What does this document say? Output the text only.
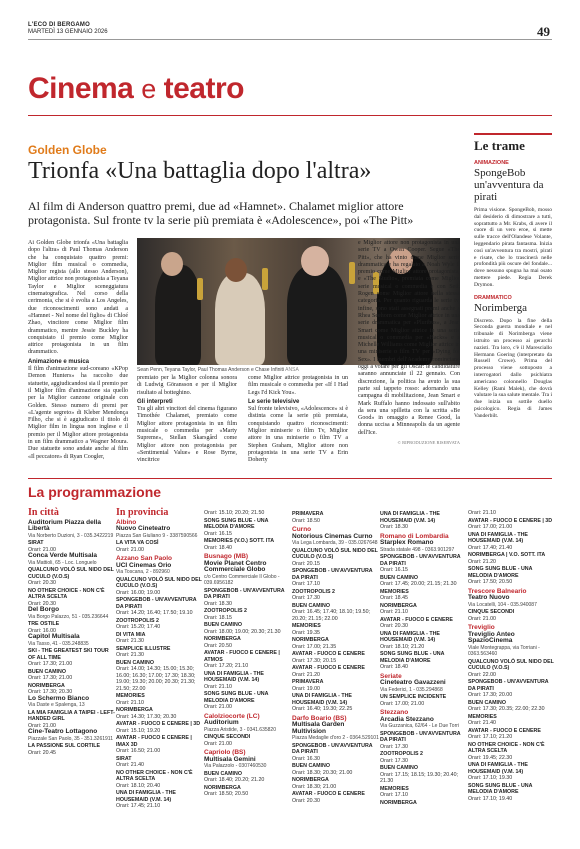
L'ECO DI BERGAMO
MARTEDÌ 13 GENNAIO 2026	49
Cinema e teatro
Golden Globe
Trionfa «Una battaglia dopo l'altra»
Al film di Anderson quattro premi, due ad «Hamnet». Chalamet miglior attore protagonista. Sul fronte tv la serie più premiata è «Adolescence», poi «The Pitt»
Sean Penn, Teyana Taylor, Paul Thomas Anderson e Chase Infiniti ANSA
Ai Golden Globe trionfa «Una battaglia dopo l'altra» di Paul Thomas Anderson che ha conquistato quattro premi: Miglior film musical o commedia, Miglior regista (allo stesso Anderson), Miglior attrice non protagonista a Teyana Taylor e Miglior sceneggiatura cinematografica. Nel corso della cerimonia, che si è svolta a Los Angeles, due riconoscimenti sono andati a «Hamnet - Nel nome del figlio» di Chloé Zhao, vincitore come Miglior film drammatico, mentre Jessie Buckley ha conquistato il premio come Miglior attrice protagonista in un film drammatico.
Animazione e musica
Il film d'animazione sud-coreano «KPop Demon Hunters» ha raccolto due statuette, aggiudicandosi sia il premio per il Miglior film d'animazione sia quello per la Miglior canzone originale con Golden. Stesso numero di premi per «L'agente segreto» di Kleber Mendonça Filho, che si è aggiudicato il titolo di Miglior film in lingua non inglese e il premio per il Miglior attore protagonista in un film drammatico a Wagner Moura. Due statuette sono andate anche al film «Il peccatore» di Ryan Coogler,
premiato per la Miglior colonna sonora di Ludwig Göransson e per il Miglior risultato al botteghino.
Gli interpreti
Tra gli altri vincitori del cinema figurano Timothée Chalamet, premiato come Miglior attore protagonista in un film musicale o commedia per «Marty Supreme», Stellan Skarsgård come Miglior attore non protagonista per «Sentimental Value» e Rose Byrne, vincitrice
come Miglior attrice protagonista in un film musicale o commedia per «If I Had Legs I'd Kick You».
Le serie televisive
Sul fronte televisivo, «Adolescence» si è distinta come la serie più premiata, conquistando quattro riconoscimenti: Miglior miniserie o film Tv, Miglior attore in una miniserie o film TV a Stephen Graham, Miglior attore non protagonista in una serie TV a Erin Doherty
e Miglior attore non protagonista in una serie TV a Owen Cooper. Segue «The Pitt», che ha vinto come Miglior serie drammatica e ha regalato a Noah Wyle il premio come Miglior attore protagonista, e «The Studio», premiata come Miglior serie musical o commedia e con Seth Rogen come Miglior attore nella stessa categoria. Per quanto riguarda le serie tv, infine, sono stati assegnati premi anche a Rhea Seehorn come Miglior attrice in una serie drammatica per «Pluribus», a Jean Smart come Miglior attrice in una serie musical o commedia per «Hacks» e a Michelle Williams come Miglior attrice in una miniserie o film TV per «Dying for Sex». I membri dell'Academy cominciano oggi a votare per gli Oscar: le candidature saranno annunciate il 22 gennaio. Con discrezione, la politica ha avuto la sua parte sul tappeto rosso: adornando una campagna di mobilitazione, Jean Smart e Mark Ruffalo hanno indossato sull'abito da sera una spilletta con la scritta «Be Good» in omaggio a Renee Good, la donna uccisa a Minneapolis da un agente dell'Ice.
© RIPRODUZIONE RISERVATA
Le trame
ANIMAZIONE
SpongeBob un'avventura da pirati
Prima visione. SpongeBob, mosso dal desiderio di dimostrare a tutti, soprattutto a Mr. Krabs, di avere il cuore di un vero eroe, si mette sulle tracce dell'Olandese Volante, leggendario pirata fantasma. Inizia così un'avventura tra mostri, pirati e risate, che lo trascinerà nelle profondità più oscure del fondale... dove nessuno spugna ha mai osato mettere piede. Regia Derek Drymon.
DRAMMATICO
Norimberga
Discreto. Dopo la fine della Seconda guerra mondiale e nel tribunale di Norimberga viene istruito un processo ai gerarchi nazisti. Tra loro, c'è il Maresciallo Hermann Goering (interpretato da Russell Crowe). Prima del processo viene sottoposto a interrogatori dallo psichiatra americano colonnello Douglas Kelley (Rami Malek), che dovrà valutare la sua salute mentale. Tra i due inizia un sottile duello psicologico. Regia di James Vanderbilt.
La programmazione
In città
Auditorium Piazza della Libertà
Via Norberto Duzioni, 3 - 035.3422219
SIRAT
Orari: 21.00
Conca Verde Multisala
Via Mattioli, 65 - Loc. Longuelo
QUALCUNO VOLÒ SUL NIDO DEL CUCULO (V.O.S)
Orari: 20.30
NO OTHER CHOICE - NON C'È ALTRA SCELTA
Orari: 20.30
Del Borgo
Via Borgo Palazzo, 51 - 035.236644
TRE OSTILE
Orari: 16.00
Capitol Multisala
Via Tasso, 41 - 035.248835
SKI - THE GREATEST SKI TOUR OF ALL TIME
Orari: 17.30; 21.00
BUEN CAMINO
Orari: 17.30; 21.00
NORIMBERGA
Orari: 17.30; 20.30
Lo Schermo Bianco
Via Daste e Spalenga, 13
LA MIA FAMIGLIA A TAIPEI - LEFT-HANDED GIRL
Orari: 21.00
Cine-Teatro Lottagono
Piazzale San Paolo, 35 - 351.3261911
LA PASSIONE SUL CORTILE
Orari: 20.45
In provincia
Albino
Nuovo Cineteatro
Piazza San Giuliano 9 - 3387590566
LA VITA VA COSÌ
Orari: 21.00
Azzano San Paolo
UCI Cinemas Orio
Via Toscana, 2 - 892960
QUALCUNO VOLÒ SUL NIDO DEL CUCULO (V.O.S)
Orari: 16.00; 19.00
SPONGEBOB - UN'AVVENTURA DA PIRATI
Orari: 14.20; 16.40; 17.50; 19.10
ZOOTROPOLIS 2
Orari: 15.20; 17.40
DI VITA MIA
Orari: 21.30
SEMPLICE ILLUSTRE
Orari: 21.30
BUEN CAMINO
Orari: 14.00; 14.30; 15.00; 15.30; 16.00; 16.30; 17.00; 17.30; 18.30; 19.00; 19.30; 20.00; 20.30; 21.30; 21.50; 22.00
MEMORIES
Orari: 21.10
NORIMBERGA
Orari: 14.30; 17.30; 20.30
AVATAR - FUOCO E CENERE | 3D
Orari: 15.10; 19.20
AVATAR - FUOCO E CENERE | IMAX 3D
Orari: 16.50; 21.00
SIRAT
Orari: 21.40
NO OTHER CHOICE - NON C'È ALTRA SCELTA
Orari: 18.10; 20.40
UNA DI FAMIGLIA - THE HOUSEMAID (V.M. 14)
Orari: 17.45; 21.10
Orari: 15.10; 20.20; 21.50
SONG SUNG BLUE - UNA MELODIA D'AMORE
Orari: 16.15
MEMORIES (V.O.) SOTT. ITA
Orari: 18.40
Busnago (MB)
Movie Planet Centro Commerciale Globo
c/o Centro Commerciale Il Globo - 039.6956182
SPONGEBOB - UN'AVVENTURA DA PIRATI
Orari: 18.30
ZOOTROPOLIS 2
Orari: 18.15
BUEN CAMINO
Orari: 18.00; 19.00; 20.30; 21.30
NORIMBERGA
Orari: 20.50
AVATAR - FUOCO E CENERE | ATMOS
Orari: 17.20; 21.10
UNA DI FAMIGLIA - THE HOUSEMAID (V.M. 14)
Orari: 21.10
SONG SUNG BLUE - UNA MELODIA D'AMORE
Orari: 21.00
Calolziocorte (LC)
Auditorium
Piazza Aristide, 3 - 0341.635820
CINQUE SECONDI
Orari: 21.00
Capriolo (BS)
Multisala Gemini
Via Palazzolo - 0307460530
BUEN CAMINO
Orari: 18.40; 20.20; 21.20
NORIMBERGA
Orari: 18.50; 20.50
PRIMAVERA
Orari: 18.50
Curno
Notorious Cinemas Curno
Via Lega Lombarda, 39 - 035.0267648
QUALCUNO VOLÒ SUL NIDO DEL CUCULO (V.O.S)
Orari: 20.15
SPONGEBOB - UN'AVVENTURA DA PIRATI
Orari: 17.10
ZOOTROPOLIS 2
Orari: 17.30
BUEN CAMINO
Orari: 16.45; 17.40; 18.10; 19.50; 20.20; 21.15; 22.00
MEMORIES
Orari: 19.35
NORIMBERGA
Orari: 17.00; 21.35
AVATAR - FUOCO E CENERE
Orari: 17.30; 20.15
AVATAR - FUOCO E CENERE
Orari: 21.20
PRIMAVERA
Orari: 19.00
UNA DI FAMIGLIA - THE HOUSEMAID (V.M. 14)
Orari: 16.40; 19.30; 22.25
Darfo Boario (BS)
Multisala Garden Multivision
Piazza Medaglie d'oro 2 - 0364.529101
SPONGEBOB - UN'AVVENTURA DA PIRATI
Orari: 16.30
BUEN CAMINO
Orari: 18.30; 20.30; 21.00
NORIMBERGA
Orari: 18.30; 21.00
AVATAR - FUOCO E CENERE
Orari: 20.30
UNA DI FAMIGLIA - THE HOUSEMAID (V.M. 14)
Orari: 18.30
Romano di Lombardia
Starplex Romano
Strada statale 498 - 0363.901297
SPONGEBOB - UN'AVVENTURA DA PIRATI
Orari: 16.15
BUEN CAMINO
Orari: 17.45; 20.00; 21.15; 21.30
MEMORIES
Orari: 18.45
NORIMBERGA
Orari: 21.10
AVATAR - FUOCO E CENERE
Orari: 20.30
UNA DI FAMIGLIA - THE HOUSEMAID (V.M. 14)
Orari: 18.10; 21.20
SONG SUNG BLUE - UNA MELODIA D'AMORE
Orari: 18.40
Seriate
Cineteatro Gavazzeni
Via Federici, 1 - 035.294868
UN SEMPLICE INCIDENTE
Orari: 17.00; 21.00
Stezzano
Arcadia Stezzano
Via Guzzanica, 62/64 - Le Due Torri
SPONGEBOB - UN'AVVENTURA DA PIRATI
Orari: 17.30
ZOOTROPOLIS 2
Orari: 17.30
BUEN CAMINO
Orari: 17.15; 18.15; 19.30; 20.40; 21.30
MEMORIES
Orari: 17.10
NORIMBERGA
Orari: 21.10
AVATAR - FUOCO E CENERE | 3D
Orari: 17.00; 21.00
UNA DI FAMIGLIA - THE HOUSEMAID (V.M. 14)
Orari: 17.40; 21.40
NORIMBERGA | V.O. SOTT. ITA
Orari: 21.20
SONG SUNG BLUE - UNA MELODIA D'AMORE
Orari: 17.50; 20.50
Trescore Balneario
Teatro Nuovo
Via Locatelli, 104 - 035.940087
CINQUE SECONDI
Orari: 21.00
Treviglio
Treviglio Anteo SpazioCinema
Viale Montegrappa, via Torriani - 0363.563460
QUALCUNO VOLÒ SUL NIDO DEL CUCULO (V.O.S)
Orari: 22.00
SPONGEBOB - UN'AVVENTURA DA PIRATI
Orari: 17.30; 20.00
BUEN CAMINO
Orari: 17.30; 20.35; 22.00; 22.30
MEMORIES
Orari: 21.40
AVATAR - FUOCO E CENERE
Orari: 17.10; 21.20
NO OTHER CHOICE - NON C'È ALTRA SCELTA
Orari: 19.45; 22.30
UNA DI FAMIGLIA - THE HOUSEMAID (V.M. 14)
Orari: 17.10; 19.30
SONG SUNG BLUE - UNA MELODIA D'AMORE
Orari: 17.10; 19.40
